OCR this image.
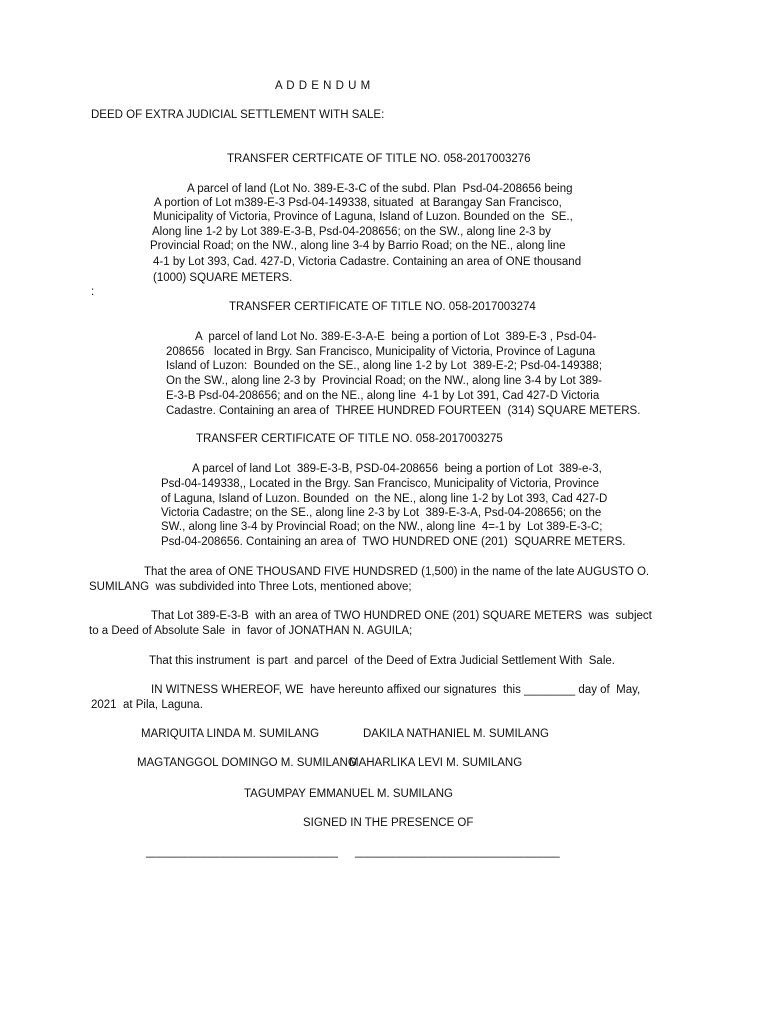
A D D E N D U M
DEED OF EXTRA JUDICIAL SETTLEMENT WITH SALE:
TRANSFER CERTFICATE OF TITLE NO. 058-2017003276
A parcel of land (Lot No. 389-E-3-C of the subd. Plan  Psd-04-208656 being
A portion of Lot m389-E-3 Psd-04-149338, situated  at Barangay San Francisco,
Municipality of Victoria, Province of Laguna, Island of Luzon. Bounded on the  SE.,
Along line 1-2 by Lot 389-E-3-B, Psd-04-208656; on the SW., along line 2-3 by
Provincial Road; on the NW., along line 3-4 by Barrio Road; on the NE., along line
4-1 by Lot 393, Cad. 427-D, Victoria Cadastre. Containing an area of ONE thousand
(1000) SQUARE METERS.
:
TRANSFER CERTIFICATE OF TITLE NO. 058-2017003274
A  parcel of land Lot No. 389-E-3-A-E  being a portion of Lot  389-E-3 , Psd-04-
208656   located in Brgy. San Francisco, Municipality of Victoria, Province of Laguna
Island of Luzon:  Bounded on the SE., along line 1-2 by Lot  389-E-2; Psd-04-149388;
On the SW., along line 2-3 by  Provincial Road; on the NW., along line 3-4 by Lot 389-
E-3-B Psd-04-208656; and on the NE., along line  4-1 by Lot 391, Cad 427-D Victoria
Cadastre. Containing an area of  THREE HUNDRED FOURTEEN  (314) SQUARE METERS.
TRANSFER CERTIFICATE OF TITLE NO. 058-2017003275
A parcel of land Lot  389-E-3-B, PSD-04-208656  being a portion of Lot  389-e-3,
Psd-04-149338,, Located in the Brgy. San Francisco, Municipality of Victoria, Province
of Laguna, Island of Luzon. Bounded  on  the NE., along line 1-2 by Lot 393, Cad 427-D
Victoria Cadastre; on the SE., along line 2-3 by Lot  389-E-3-A, Psd-04-208656; on the
SW., along line 3-4 by Provincial Road; on the NW., along line  4=-1 by  Lot 389-E-3-C;
Psd-04-208656. Containing an area of  TWO HUNDRED ONE (201)  SQUARRE METERS.
That the area of ONE THOUSAND FIVE HUNDSRED (1,500) in the name of the late AUGUSTO O.
SUMILANG  was subdivided into Three Lots, mentioned above;
That Lot 389-E-3-B  with an area of TWO HUNDRED ONE (201) SQUARE METERS  was  subject
to a Deed of Absolute Sale  in  favor of JONATHAN N. AGUILA;
That this instrument  is part  and parcel  of the Deed of Extra Judicial Settlement With  Sale.
IN WITNESS WHEREOF, WE  have hereunto affixed our signatures  this ________ day of  May,
2021  at Pila, Laguna.
MARIQUITA LINDA M. SUMILANG	DAKILA NATHANIEL M. SUMILANG
MAGTANGGOL DOMINGO M. SUMILANG
MAHARLIKA LEVI M. SUMILANG
TAGUMPAY EMMANUEL M. SUMILANG
SIGNED IN THE PRESENCE OF
______________________________ ________________________________
